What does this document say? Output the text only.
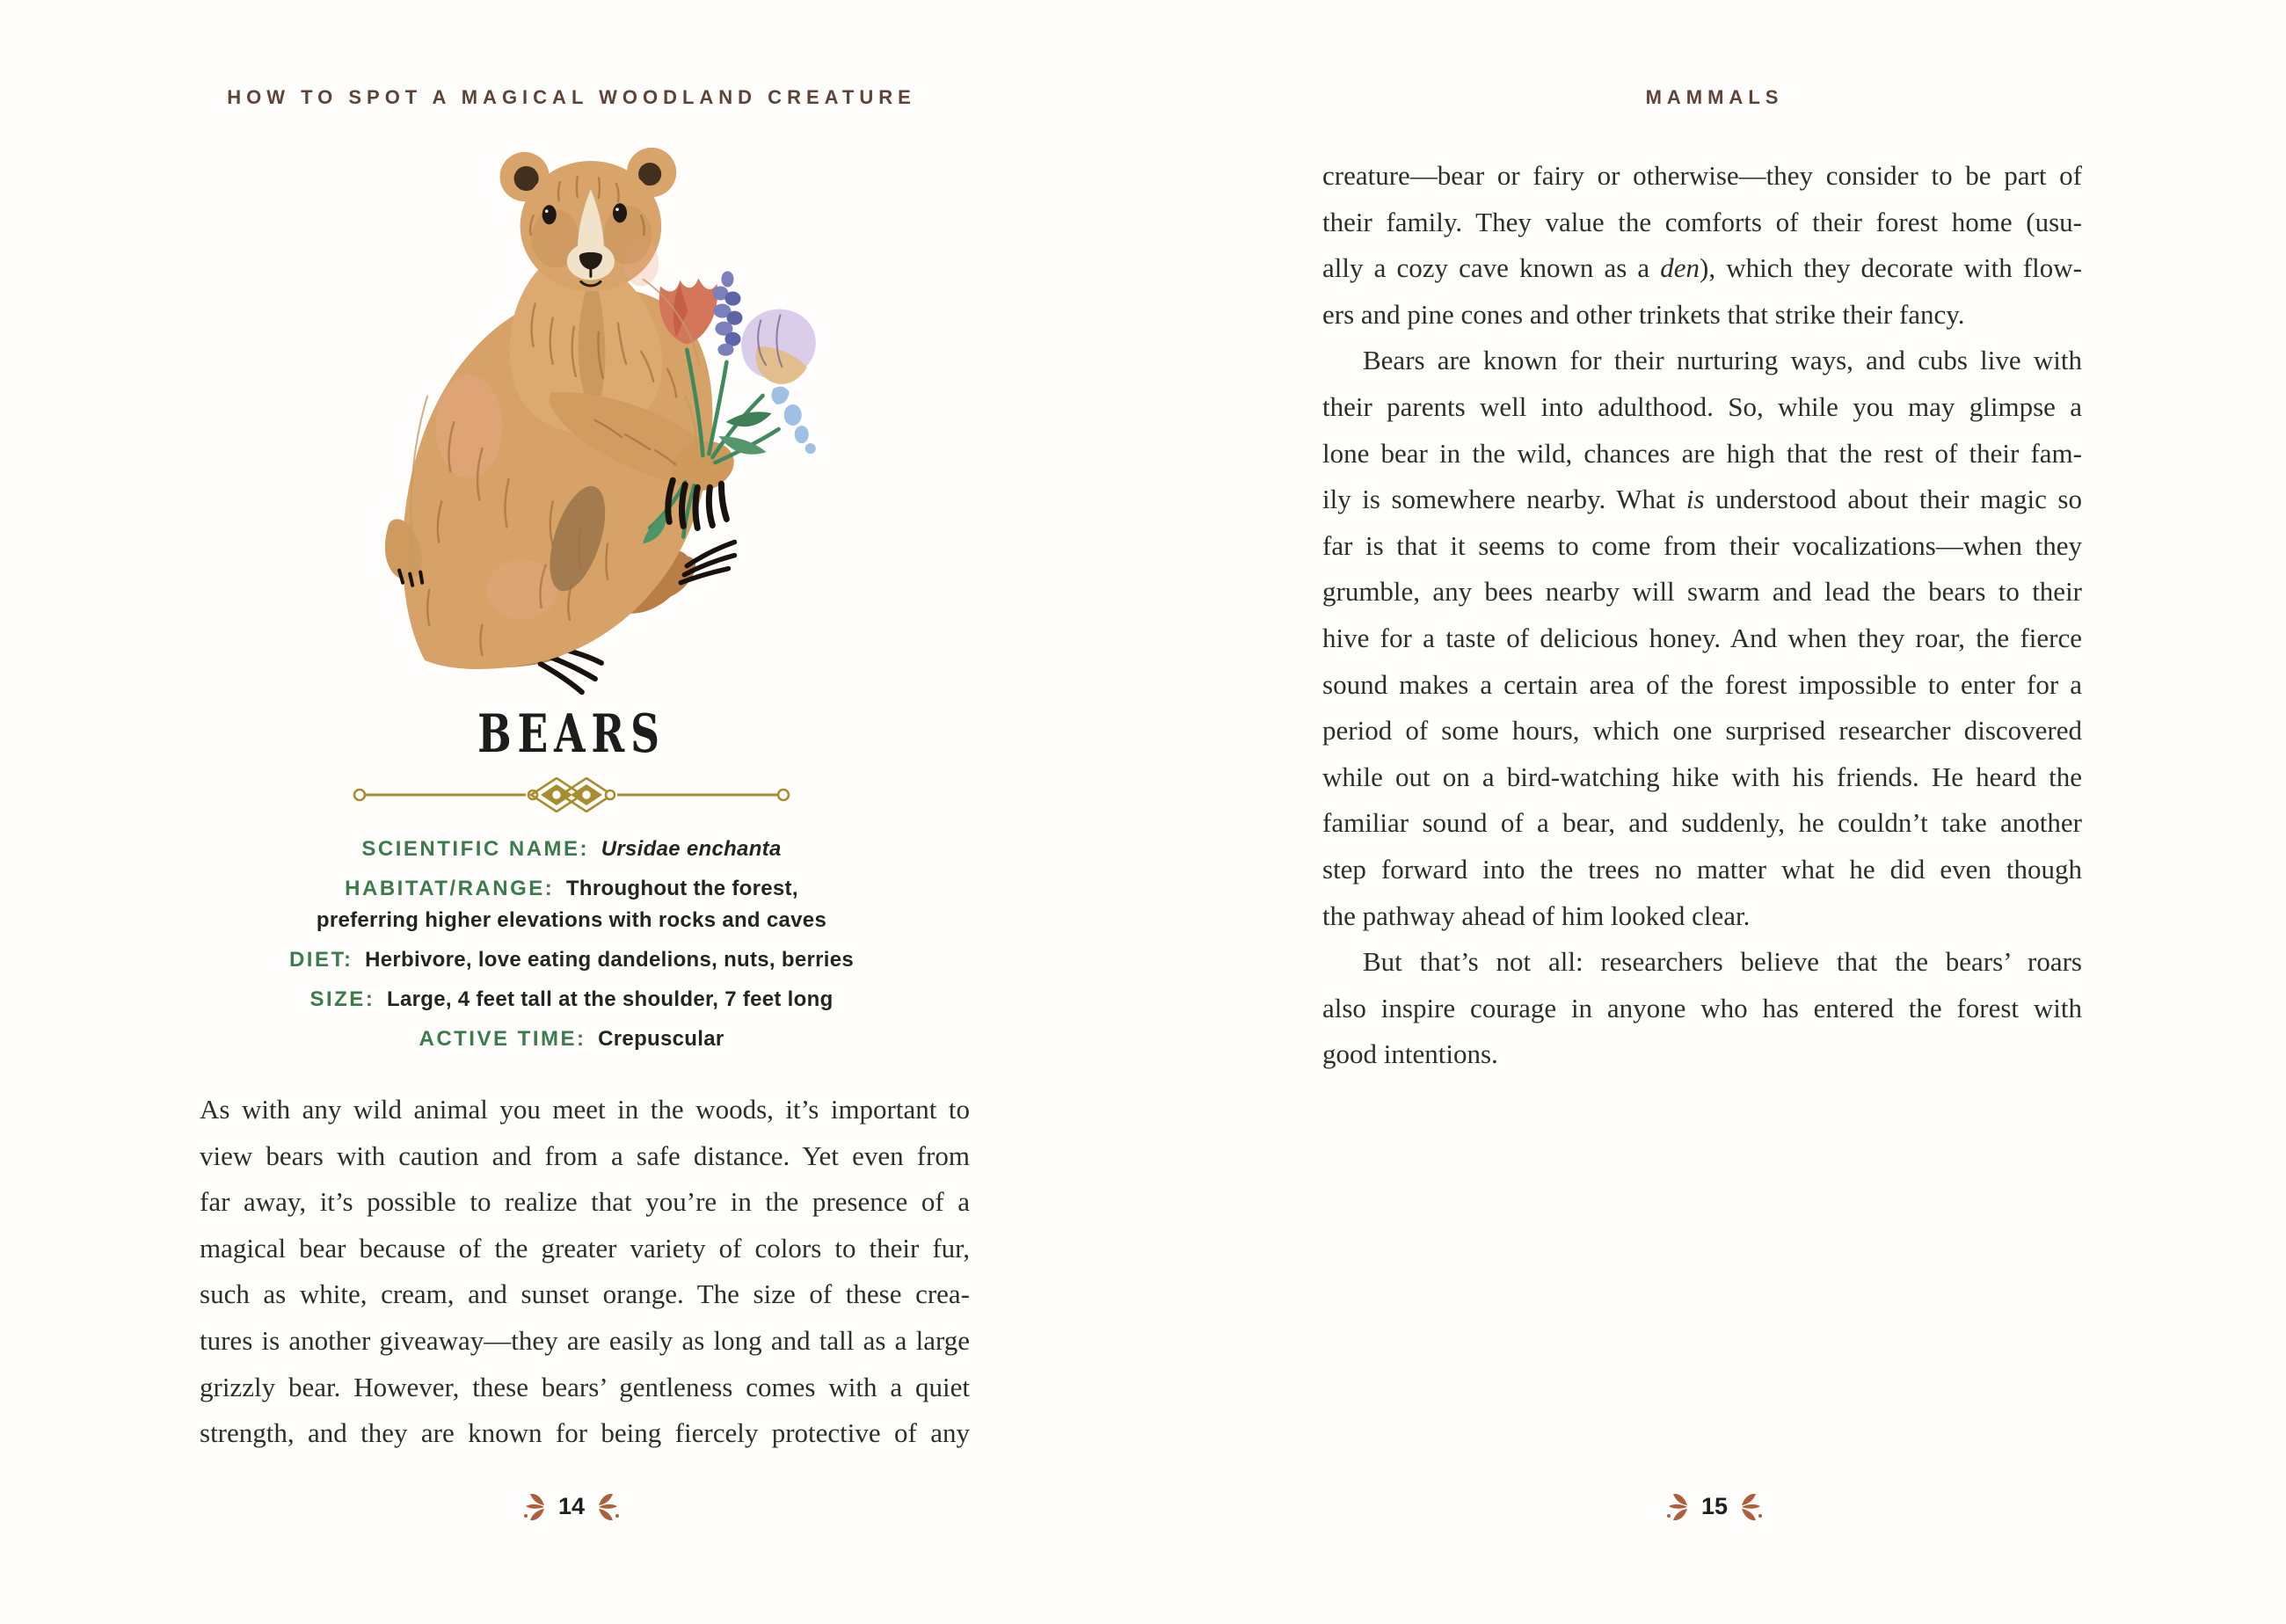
HOW TO SPOT A MAGICAL WOODLAND CREATURE
BEARS
SCIENTIFIC NAME: Ursidae enchanta
HABITAT/RANGE: Throughout the forest,
preferring higher elevations with rocks and caves
DIET: Herbivore, love eating dandelions, nuts, berries
SIZE: Large, 4 feet tall at the shoulder, 7 feet long
ACTIVE TIME: Crepuscular
As with any wild animal you meet in the woods, it’s important to
view bears with caution and from a safe distance. Yet even from
far away, it’s possible to realize that you’re in the presence of a
magical bear because of the greater variety of colors to their fur,
such as white, cream, and sunset orange. The size of these crea-
tures is another giveaway—they are easily as long and tall as a large
grizzly bear. However, these bears’ gentleness comes with a quiet
strength, and they are known for being fiercely protective of any
14
MAMMALS
creature—bear or fairy or otherwise—they consider to be part of
their family. They value the comforts of their forest home (usu-
ally a cozy cave known as a den), which they decorate with flow-
ers and pine cones and other trinkets that strike their fancy.
Bears are known for their nurturing ways, and cubs live with
their parents well into adulthood. So, while you may glimpse a
lone bear in the wild, chances are high that the rest of their fam-
ily is somewhere nearby. What is understood about their magic so
far is that it seems to come from their vocalizations—when they
grumble, any bees nearby will swarm and lead the bears to their
hive for a taste of delicious honey. And when they roar, the fierce
sound makes a certain area of the forest impossible to enter for a
period of some hours, which one surprised researcher discovered
while out on a bird-watching hike with his friends. He heard the
familiar sound of a bear, and suddenly, he couldn’t take another
step forward into the trees no matter what he did even though
the pathway ahead of him looked clear.
But that’s not all: researchers believe that the bears’ roars
also inspire courage in anyone who has entered the forest with
good intentions.
15
